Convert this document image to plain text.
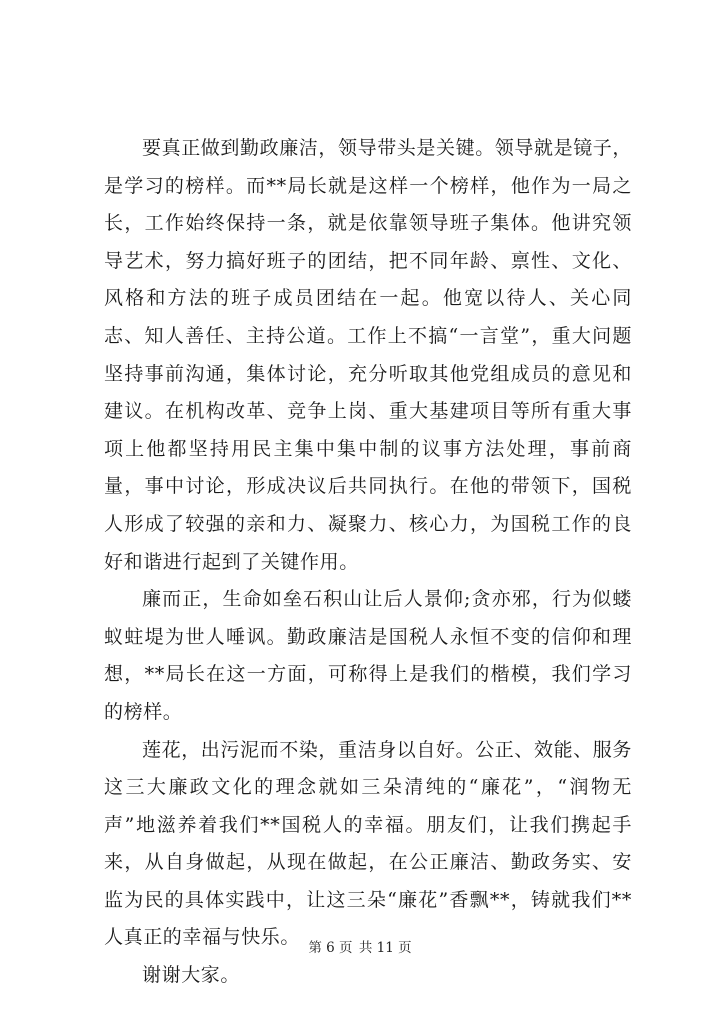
要真正做到勤政廉洁，领导带头是关键。领导就是镜子，是学习的榜样。而**局长就是这样一个榜样，他作为一局之长，工作始终保持一条，就是依靠领导班子集体。他讲究领导艺术，努力搞好班子的团结，把不同年龄、禀性、文化、风格和方法的班子成员团结在一起。他宽以待人、关心同志、知人善任、主持公道。工作上不搞“一言堂”，重大问题坚持事前沟通，集体讨论，充分听取其他党组成员的意见和建议。在机构改革、竞争上岗、重大基建项目等所有重大事项上他都坚持用民主集中集中制的议事方法处理，事前商量，事中讨论，形成决议后共同执行。在他的带领下，国税人形成了较强的亲和力、凝聚力、核心力，为国税工作的良好和谐进行起到了关键作用。

廉而正，生命如垒石积山让后人景仰;贪亦邪，行为似蝼蚁蛀堤为世人唾讽。勤政廉洁是国税人永恒不变的信仰和理想，**局长在这一方面，可称得上是我们的楷模，我们学习的榜样。

莲花，出污泥而不染，重洁身以自好。公正、效能、服务这三大廉政文化的理念就如三朵清纯的“廉花”，“润物无声”地滋养着我们**国税人的幸福。朋友们，让我们携起手来，从自身做起，从现在做起，在公正廉洁、勤政务实、安监为民的具体实践中，让这三朵“廉花”香飘**，铸就我们**人真正的幸福与快乐。

谢谢大家。

第 6 页 共 11 页
